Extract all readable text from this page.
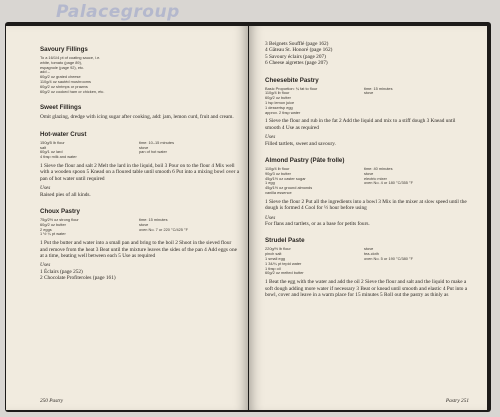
Palacegroup
Savoury Fillings
To a 16/1/4 pt of coating sauce, i.e.
white, tomato (page 89),
espagnole (page 92), etc.
add –
60g/2 oz grated cheese
110g/4 oz sautéd mushrooms
60g/2 oz shrimps or prawns
60g/2 oz cooked ham or chicken, etc.
Sweet Fillings
Omit glazing, dredge with icing sugar after cooking, add: jam, lemon curd, fruit and cream.
Hot-water Crust
150g/5 lb flour
salt
60g/1 oz lard
4 tbsp milk and water
time: 10–15 minutes
stove
pan of hot water
1 Sieve the flour and salt 2 Melt the lard in the liquid, boil 3 Pour on to the flour 4 Mix well with a wooden spoon 5 Knead on a floured table until smooth 6 Put into a mixing bowl over a pan of hot water until required
Uses
Raised pies of all kinds.
Choux Pastry
75g/2½ oz strong flour
60g/2 oz butter
2 eggs
1 ½ ¼ pt water
time: 15 minutes
stove
oven No. 7 or 220 °C/425 °F
1 Put the butter and water into a small pan and bring to the boil 2 Shoot in the sieved flour and remove from the heat 3 Beat until the mixture leaves the sides of the pan 4 Add eggs one at a time, beating well between each 5 Use as required
Uses
1 Éclairs (page 252)
2 Chocolate Profiteroles (page 161)
250 Pastry
3 Beignets Soufflé (page 162)
4 Gâteau St. Honoré (page 162)
5 Savoury éclairs (page 207)
6 Cheese aigrettes (page 207)
Cheesebite Pastry
Basic Proportion: ¾ fat to flour
110g/4 lb flour
60g/2 oz butter
1 tsp lemon juice
1 dessertsp egg
approx. 2 tbsp water
time: 15 minutes
stove
1 Sieve the flour and rub in the fat 2 Add the liquid and mix to a stiff dough 3 Knead until smooth 4 Use as required
Uses
Filled tartlets, sweet and savoury.
Almond Pastry (Pâte frolle)
110g/4 lb flour
90g/3 oz butter
45g/1½ oz caster sugar
1 egg
45g/1½ oz ground almonds
vanilla essence
time: 40 minutes
stove
electric mixer
oven No. 4 or 180 °C/355 °F
1 Sieve the flour 2 Put all the ingredients into a bowl 3 Mix in the mixer at slow speed until the dough is formed 4 Cool for ½ hour before using
Uses
For flans and tartlets, or as a base for petits fours.
Strudel Paste
220g/½ lb flour
pinch salt
1 small egg
1 34/¼ pt tepid water
1 tbsp oil
60g/2 oz melted butter
stove
tea-cloth
oven No. 5 or 190 °C/380 °F
1 Beat the egg with the water and add the oil 2 Sieve the flour and salt and the liquid to make a soft dough adding more water if necessary 3 Beat or knead until smooth and elastic 4 Put into a bowl, cover and leave in a warm place for 15 minutes 5 Roll out the pastry as thinly as
Pastry 251
